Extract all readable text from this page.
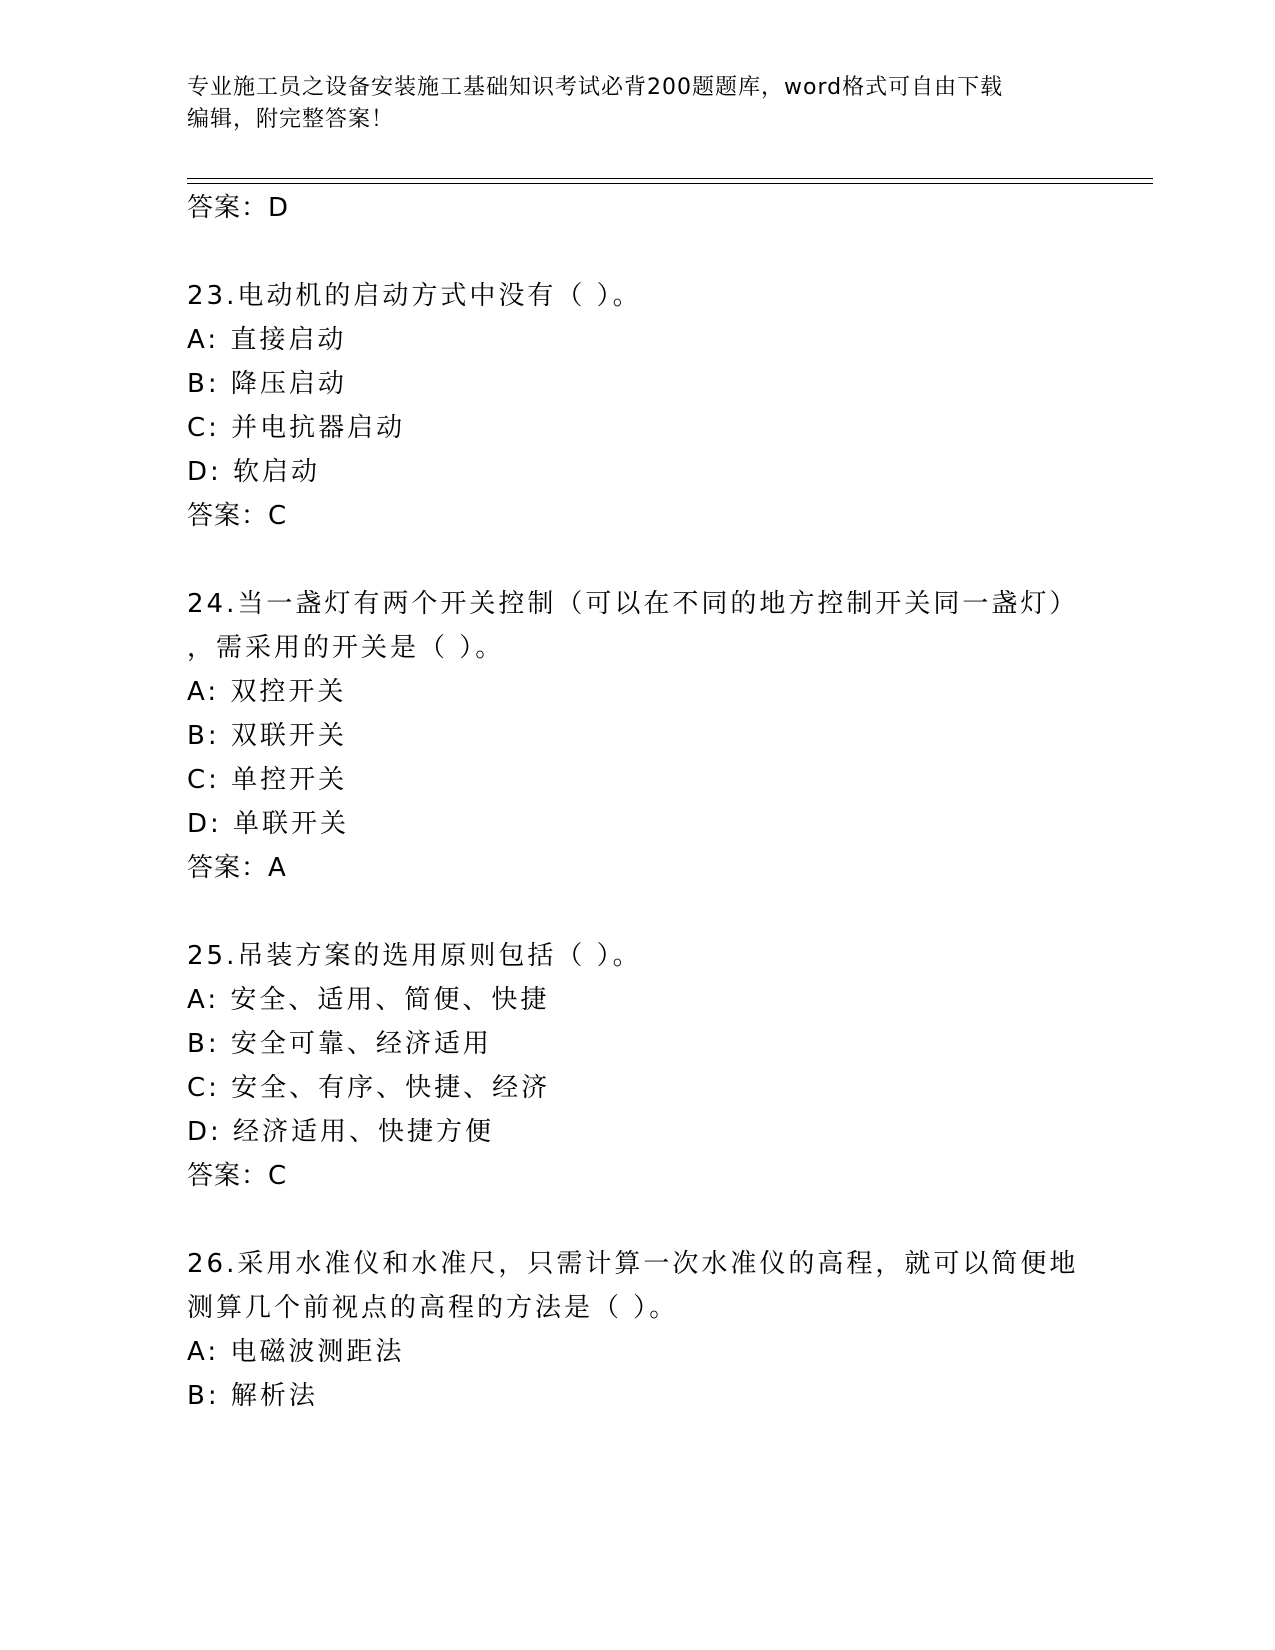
专业施工员之设备安装施工基础知识考试必背200题题库，word格式可自由下载
编辑，附完整答案！
答案：D
23.电动机的启动方式中没有（ ）。
A: 直接启动
B: 降压启动
C: 并电抗器启动
D: 软启动
答案：C
24.当一盏灯有两个开关控制（可以在不同的地方控制开关同一盏灯）
，需采用的开关是（ ）。
A: 双控开关
B: 双联开关
C: 单控开关
D: 单联开关
答案：A
25.吊装方案的选用原则包括（ ）。
A: 安全、适用、简便、快捷
B: 安全可靠、经济适用
C: 安全、有序、快捷、经济
D: 经济适用、快捷方便
答案：C
26.采用水准仪和水准尺，只需计算一次水准仪的高程，就可以简便地
测算几个前视点的高程的方法是（ ）。
A: 电磁波测距法
B: 解析法
